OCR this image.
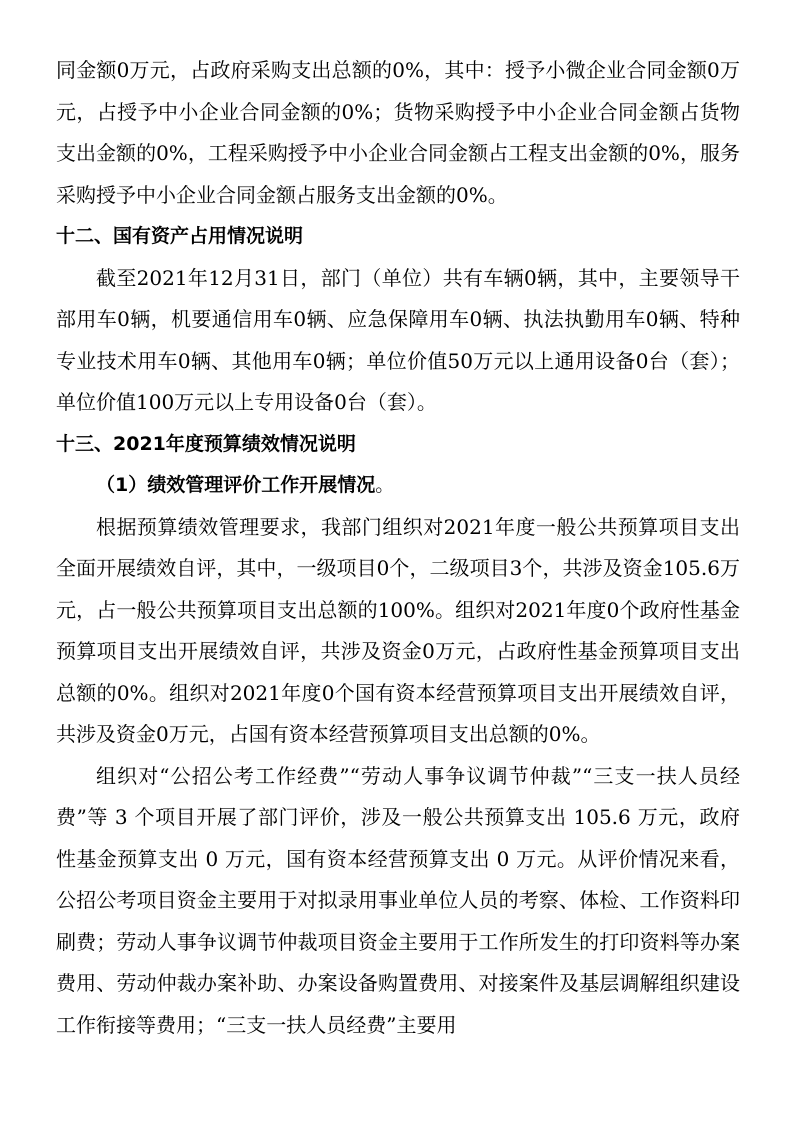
同金额0万元，占政府采购支出总额的0%，其中：授予小微企业合同金额0万元，占授予中小企业合同金额的0%；货物采购授予中小企业合同金额占货物支出金额的0%，工程采购授予中小企业合同金额占工程支出金额的0%，服务采购授予中小企业合同金额占服务支出金额的0%。

十二、国有资产占用情况说明

截至2021年12月31日，部门（单位）共有车辆0辆，其中，主要领导干部用车0辆，机要通信用车0辆、应急保障用车0辆、执法执勤用车0辆、特种专业技术用车0辆、其他用车0辆；单位价值50万元以上通用设备0台（套）；单位价值100万元以上专用设备0台（套）。

十三、2021年度预算绩效情况说明

（1）绩效管理评价工作开展情况。

根据预算绩效管理要求，我部门组织对2021年度一般公共预算项目支出全面开展绩效自评，其中，一级项目0个，二级项目3个，共涉及资金105.6万元，占一般公共预算项目支出总额的100%。组织对2021年度0个政府性基金预算项目支出开展绩效自评，共涉及资金0万元，占政府性基金预算项目支出总额的0%。组织对2021年度0个国有资本经营预算项目支出开展绩效自评，共涉及资金0万元，占国有资本经营预算项目支出总额的0%。

组织对“公招公考工作经费”“劳动人事争议调节仲裁”“三支一扶人员经费”等 3 个项目开展了部门评价，涉及一般公共预算支出 105.6 万元，政府性基金预算支出 0 万元，国有资本经营预算支出 0 万元。从评价情况来看，公招公考项目资金主要用于对拟录用事业单位人员的考察、体检、工作资料印刷费；劳动人事争议调节仲裁项目资金主要用于工作所发生的打印资料等办案费用、劳动仲裁办案补助、办案设备购置费用、对接案件及基层调解组织建设工作衔接等费用；“三支一扶人员经费”主要用
